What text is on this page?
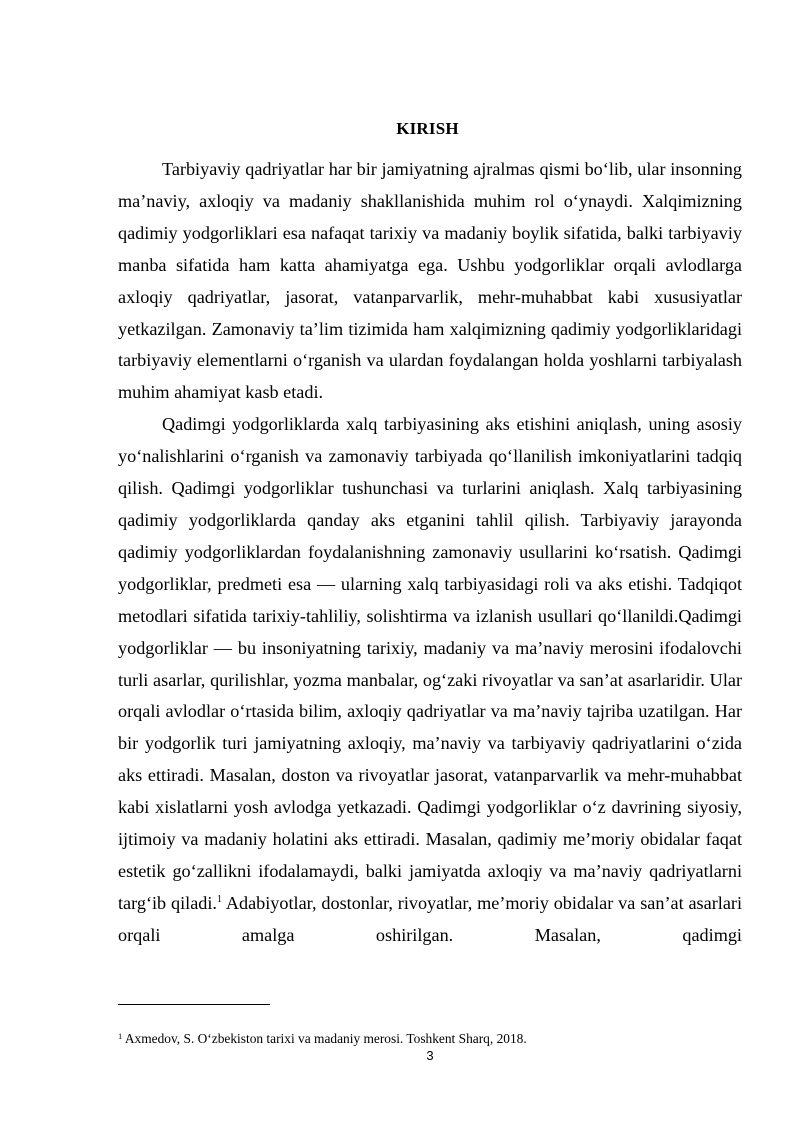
KIRISH

Tarbiyaviy qadriyatlar har bir jamiyatning ajralmas qismi bo‘lib, ular insonning ma’naviy, axloqiy va madaniy shakllanishida muhim rol o‘ynaydi. Xalqimizning qadimiy yodgorliklari esa nafaqat tarixiy va madaniy boylik sifatida, balki tarbiyaviy manba sifatida ham katta ahamiyatga ega. Ushbu yodgorliklar orqali avlodlarga axloqiy qadriyatlar, jasorat, vatanparvarlik, mehr-muhabbat kabi xususiyatlar yetkazilgan. Zamonaviy ta’lim tizimida ham xalqimizning qadimiy yodgorliklaridagi tarbiyaviy elementlarni o‘rganish va ulardan foydalangan holda yoshlarni tarbiyalash muhim ahamiyat kasb etadi.

Qadimgi yodgorliklarda xalq tarbiyasining aks etishini aniqlash, uning asosiy yo‘nalishlarini o‘rganish va zamonaviy tarbiyada qo‘llanilish imkoniyatlarini tadqiq qilish. Qadimgi yodgorliklar tushunchasi va turlarini aniqlash. Xalq tarbiyasining qadimiy yodgorliklarda qanday aks etganini tahlil qilish. Tarbiyaviy jarayonda qadimiy yodgorliklardan foydalanishning zamonaviy usullarini ko‘rsatish. Qadimgi yodgorliklar, predmeti esa — ularning xalq tarbiyasidagi roli va aks etishi. Tadqiqot metodlari sifatida tarixiy-tahliliy, solishtirma va izlanish usullari qo‘llanildi.Qadimgi yodgorliklar — bu insoniyatning tarixiy, madaniy va ma’naviy merosini ifodalovchi turli asarlar, qurilishlar, yozma manbalar, og‘zaki rivoyatlar va san’at asarlaridir. Ular orqali avlodlar o‘rtasida bilim, axloqiy qadriyatlar va ma’naviy tajriba uzatilgan. Har bir yodgorlik turi jamiyatning axloqiy, ma’naviy va tarbiyaviy qadriyatlarini o‘zida aks ettiradi. Masalan, doston va rivoyatlar jasorat, vatanparvarlik va mehr-muhabbat kabi xislatlarni yosh avlodga yetkazadi. Qadimgi yodgorliklar o‘z davrining siyosiy, ijtimoiy va madaniy holatini aks ettiradi. Masalan, qadimiy me’moriy obidalar faqat estetik go‘zallikni ifodalamaydi, balki jamiyatda axloqiy va ma’naviy qadriyatlarni targ‘ib qiladi.$^1$ Adabiyotlar, dostonlar, rivoyatlar, me’moriy obidalar va san’at asarlari orqali amalga oshirilgan. Masalan, qadimgi

$^1$ Axmedov, S. O‘zbekiston tarixi va madaniy merosi. Toshkent Sharq, 2018.
3
